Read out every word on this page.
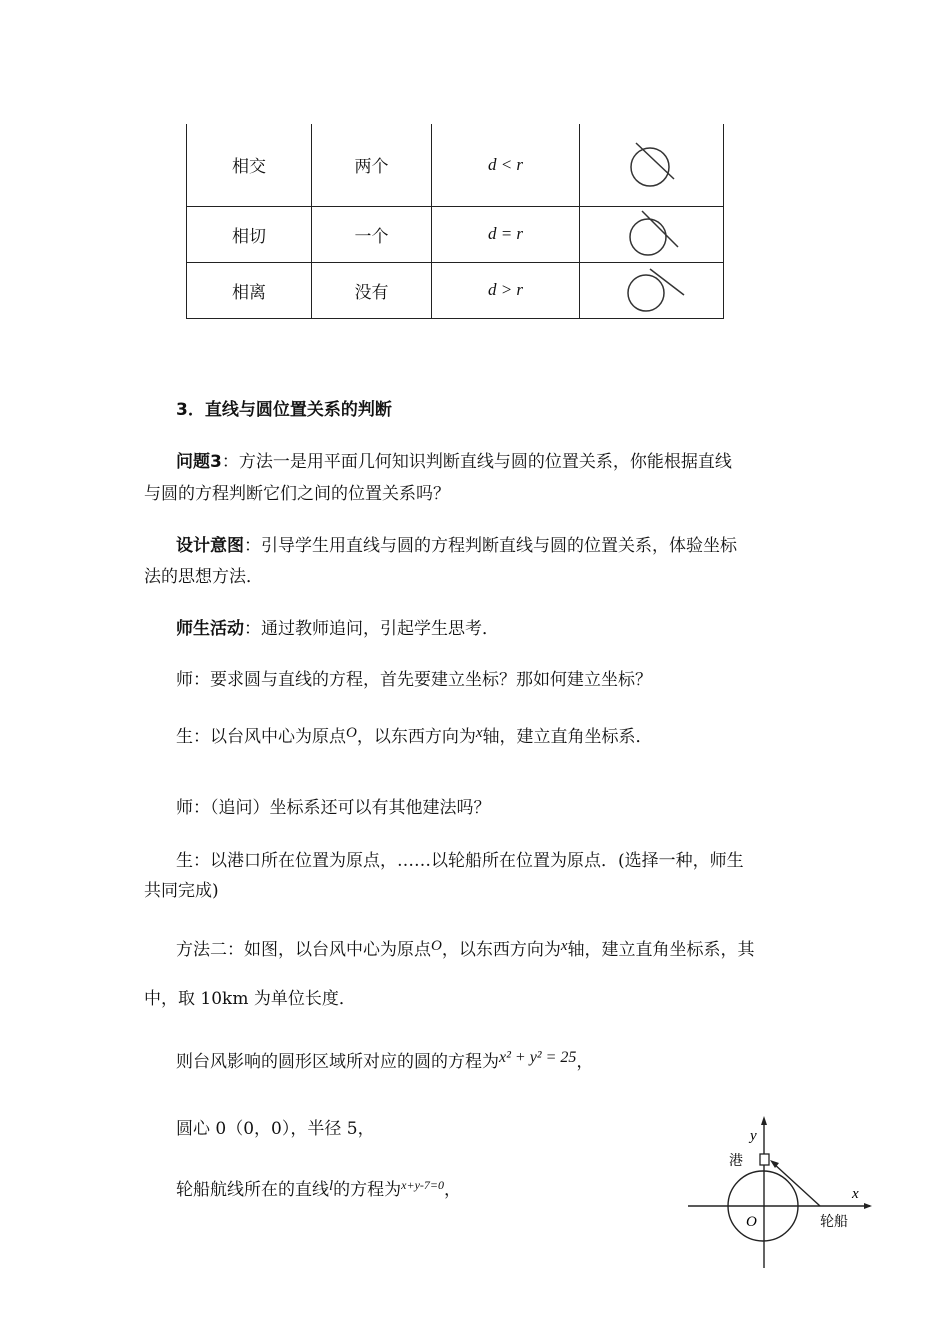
相交	两个	d < r	

相切	一个	d = r	

相离	没有	d > r	
3．直线与圆位置关系的判断
问题3：方法一是用平面几何知识判断直线与圆的位置关系，你能根据直线
与圆的方程判断它们之间的位置关系吗？
设计意图：引导学生用直线与圆的方程判断直线与圆的位置关系，体验坐标
法的思想方法．
师生活动：通过教师追问，引起学生思考．
师：要求圆与直线的方程，首先要建立坐标？那如何建立坐标？
生：以台风中心为原点O，以东西方向为x轴，建立直角坐标系．
师：（追问）坐标系还可以有其他建法吗？
生：以港口所在位置为原点，……以轮船所在位置为原点．(选择一种，师生
共同完成)
方法二：如图，以台风中心为原点O，以东西方向为x轴，建立直角坐标系，其
中，取 10km 为单位长度．
则台风影响的圆形区域所对应的圆的方程为x² + y² = 25，
圆心 0（0，0），半径 5，
轮船航线所在的直线l的方程为$^{x+y-7=0}$，
y
x
O
港
轮船
